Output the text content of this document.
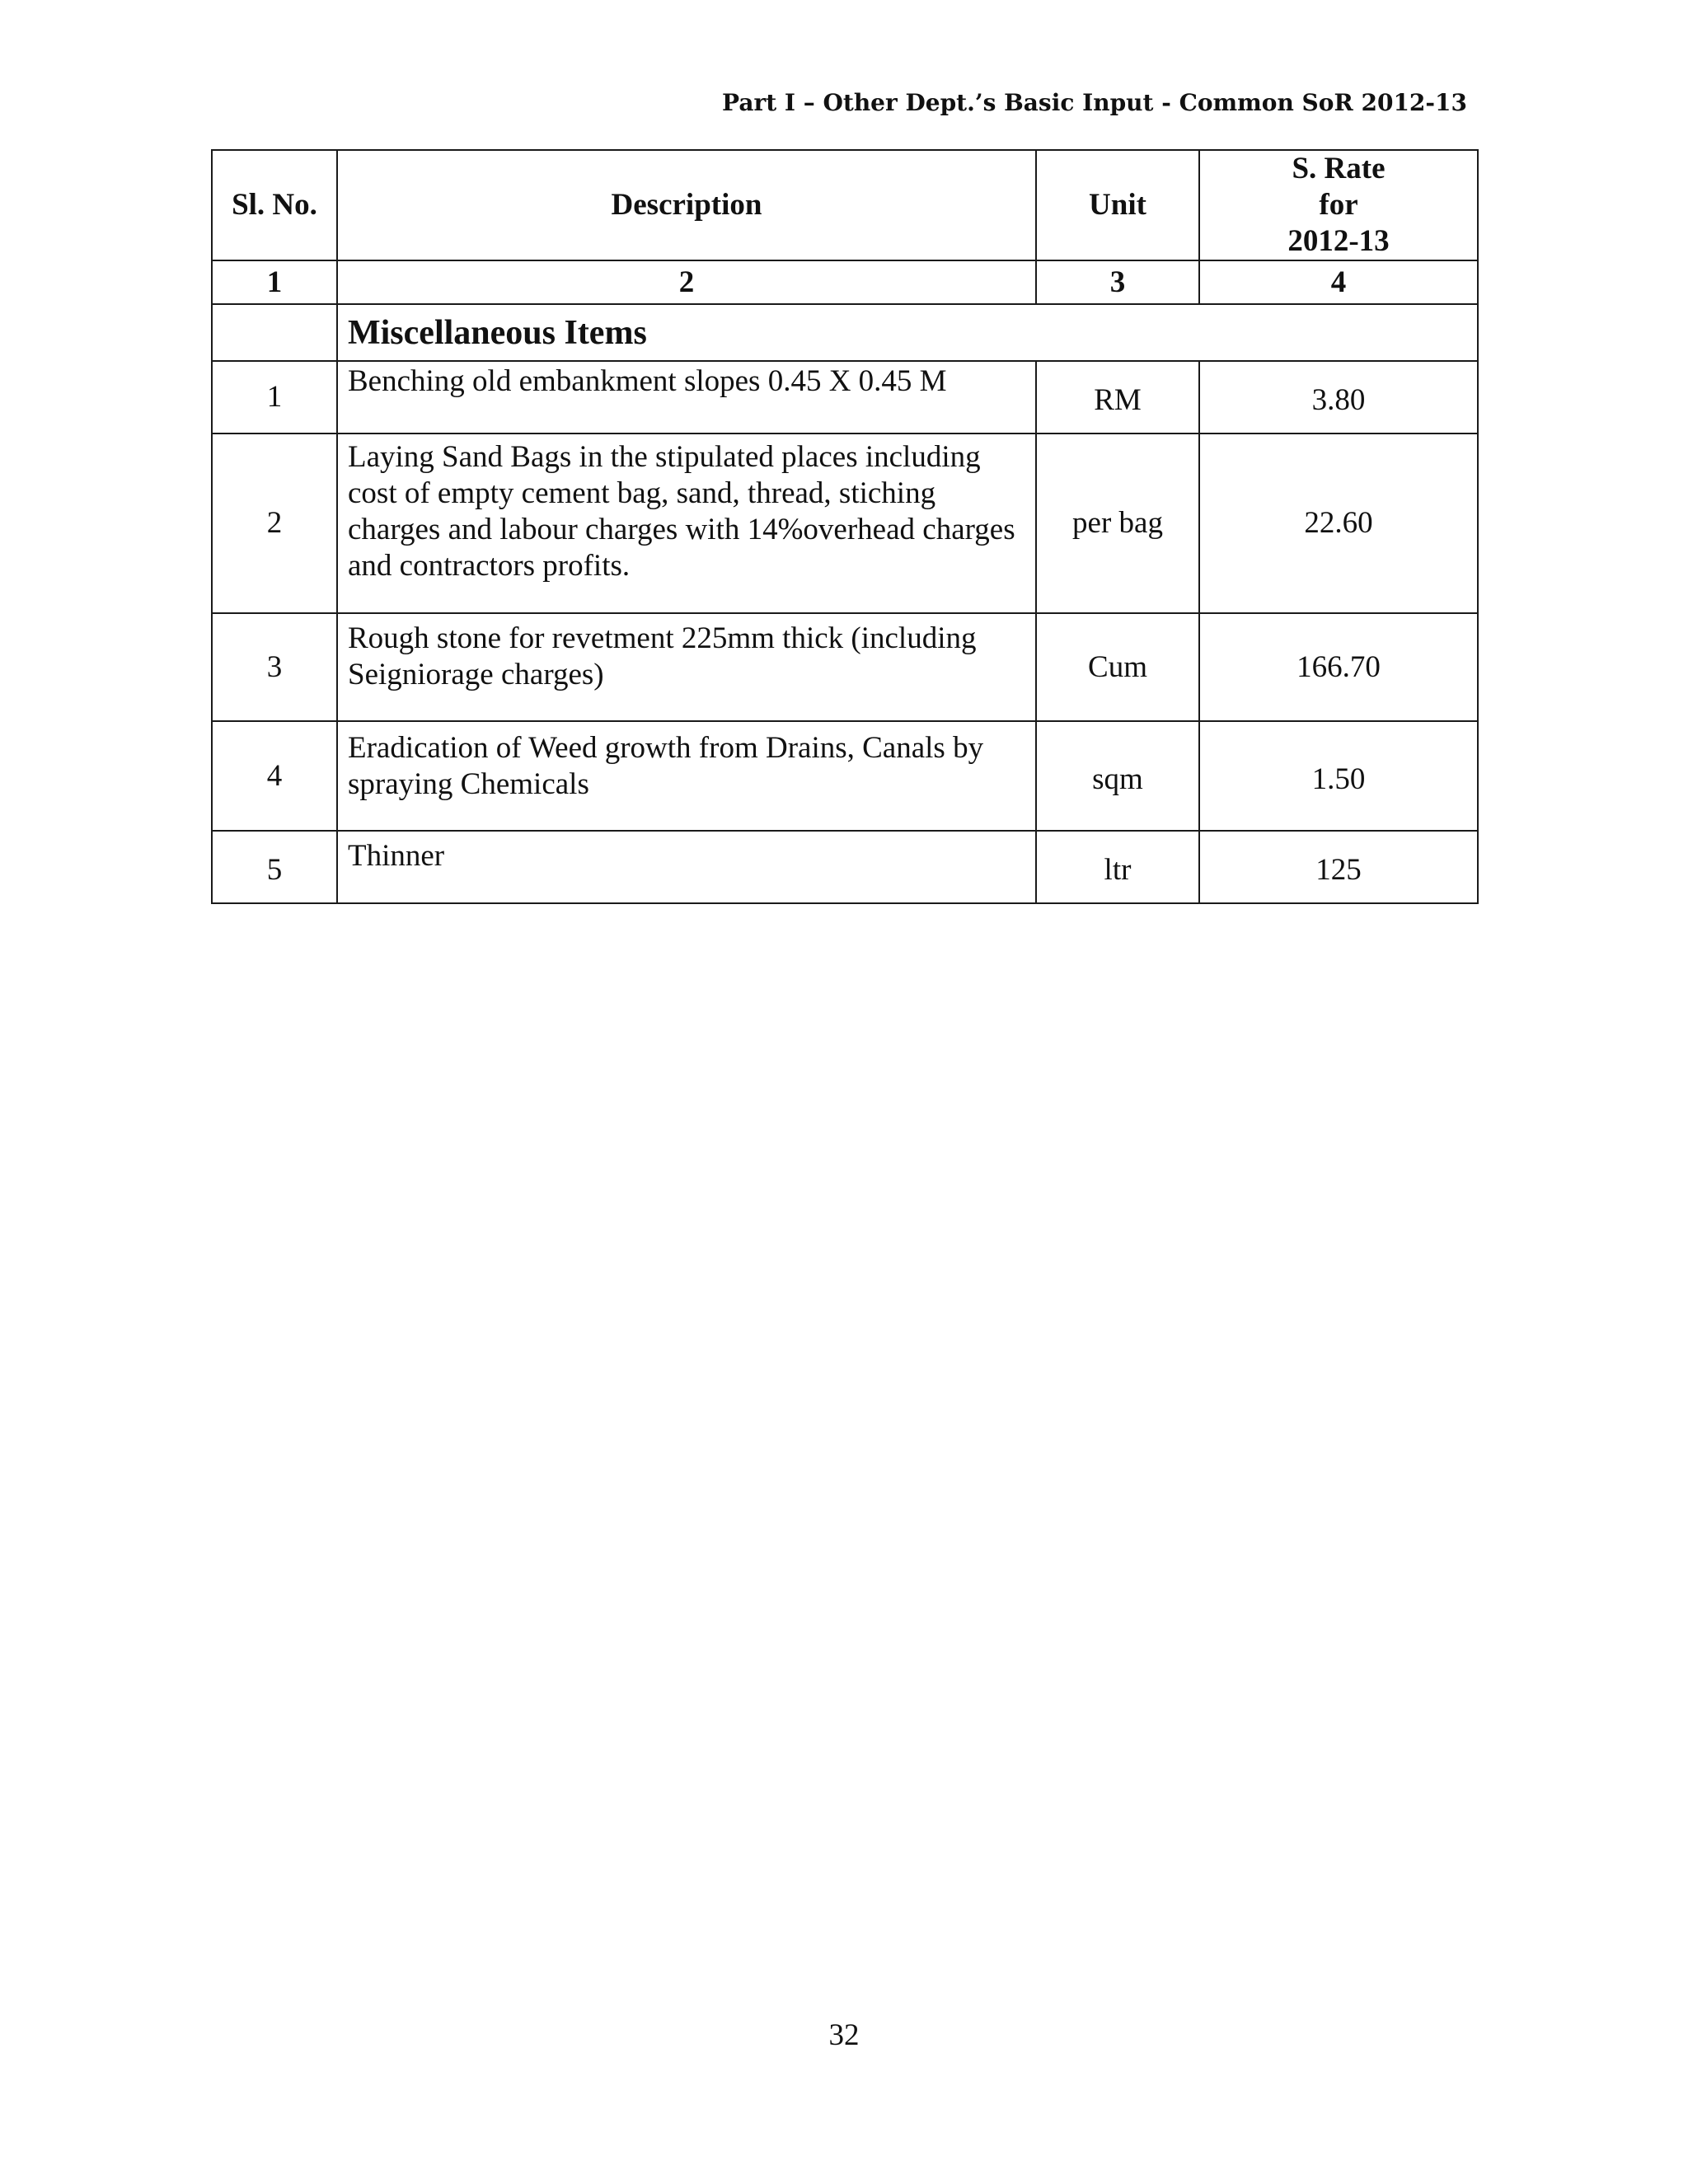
Part I – Other Dept.’s Basic Input - Common SoR 2012-13
Sl. No.	Description	Unit	S. Rate
for
2012-13
1	2	3	4
	Miscellaneous Items		
1	Benching old embankment slopes 0.45 X 0.45 M	RM	3.80
2	Laying Sand Bags in the stipulated places including cost of empty cement bag, sand, thread, stiching charges and labour charges with 14%overhead charges and contractors profits.	per bag	22.60
3	Rough stone for revetment 225mm thick (including Seigniorage charges)	Cum	166.70
4	Eradication of Weed growth from Drains, Canals by spraying Chemicals	sqm	1.50
5	Thinner	ltr	125
32
